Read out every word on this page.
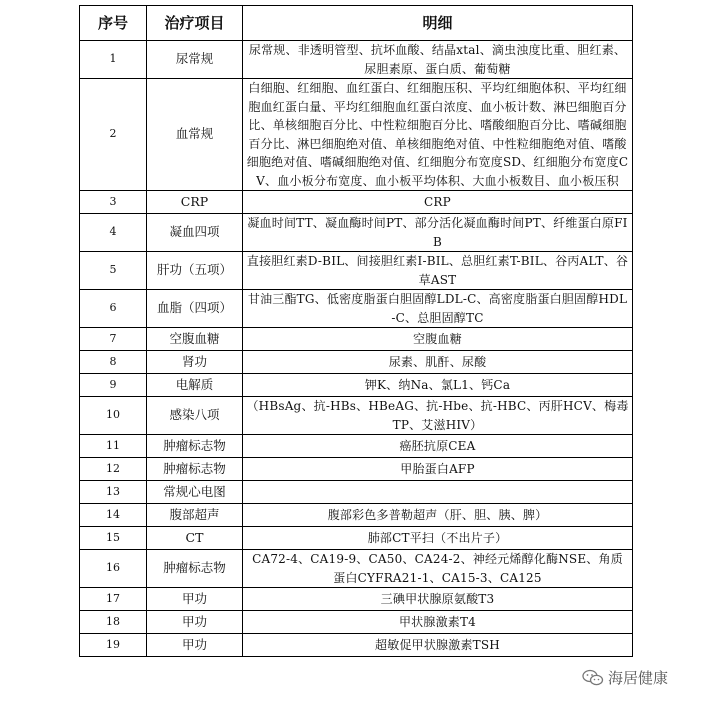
序号	治疗项目	明细
1	尿常规	尿常规、非透明管型、抗坏血酸、结晶xtal、滴虫浊度比重、胆红素、尿胆素原、蛋白质、葡萄糖
2	血常规	白细胞、红细胞、血红蛋白、红细胞压积、平均红细胞体积、平均红细胞血红蛋白量、平均红细胞血红蛋白浓度、血小板计数、淋巴细胞百分比、单核细胞百分比、中性粒细胞百分比、嗜酸细胞百分比、嗜碱细胞百分比、淋巴细胞绝对值、单核细胞绝对值、中性粒细胞绝对值、嗜酸细胞绝对值、嗜碱细胞绝对值、红细胞分布宽度SD、红细胞分布宽度CV、血小板分布宽度、血小板平均体积、大血小板数目、血小板压积
3	CRP	CRP
4	凝血四项	凝血时间TT、凝血酶时间PT、部分活化凝血酶时间PT、纤维蛋白原FIB
5	肝功（五项）	直接胆红素D-BIL、间接胆红素I-BIL、总胆红素T-BIL、谷丙ALT、谷草AST
6	血脂（四项）	甘油三酯TG、低密度脂蛋白胆固醇LDL-C、高密度脂蛋白胆固醇HDL-C、总胆固醇TC
7	空腹血糖	空腹血糖
8	肾功	尿素、肌酐、尿酸
9	电解质	钾K、纳Na、氯L1、钙Ca
10	感染八项	（HBsAg、抗-HBs、HBeAG、抗-Hbe、抗-HBC、丙肝HCV、梅毒TP、艾滋HIV）
11	肿瘤标志物	癌胚抗原CEA
12	肿瘤标志物	甲胎蛋白AFP
13	常规心电图	
14	腹部超声	腹部彩色多普勒超声（肝、胆、胰、脾）
15	CT	肺部CT平扫（不出片子）
16	肿瘤标志物	CA72-4、CA19-9、CA50、CA24-2、神经元烯醇化酶NSE、角质蛋白CYFRA21-1、CA15-3、CA125
17	甲功	三碘甲状腺原氨酸T3
18	甲功	甲状腺激素T4
19	甲功	超敏促甲状腺激素TSH
海居健康
